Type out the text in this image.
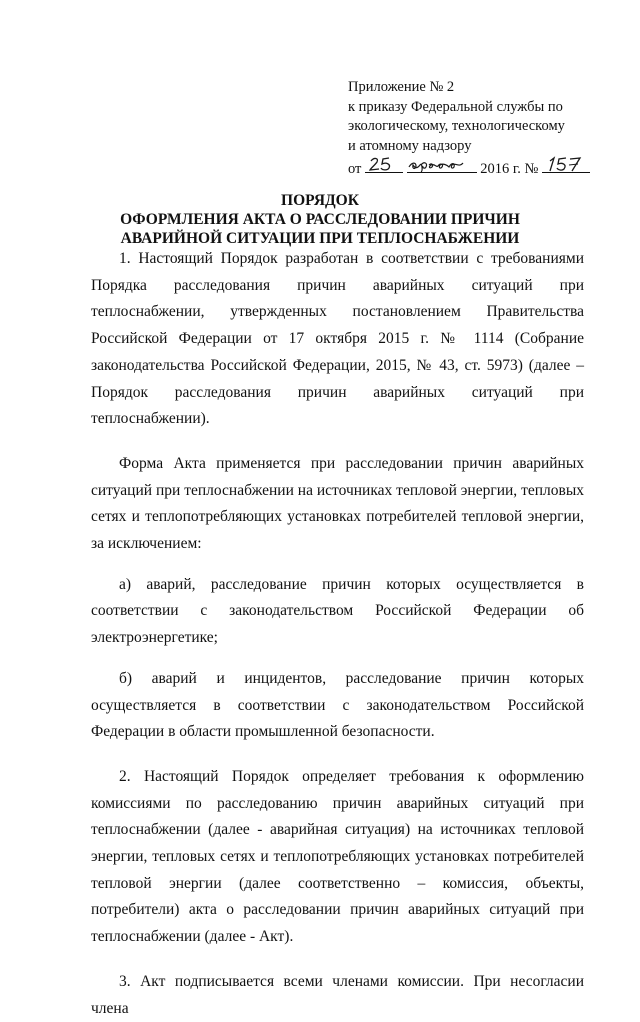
Приложение № 2
к приказу Федеральной службы по
экологическому, технологическому
и атомному надзору
от
	2016 г. №
ПОРЯДОК
ОФОРМЛЕНИЯ АКТА О РАССЛЕДОВАНИИ ПРИЧИН
АВАРИЙНОЙ СИТУАЦИИ ПРИ ТЕПЛОСНАБЖЕНИИ

1. Настоящий Порядок разработан в соответствии с требованиями Порядка расследования причин аварийных ситуаций при теплоснабжении, утвержденных постановлением Правительства Российской Федерации от 17 октября 2015 г. № 1114 (Собрание законодательства Российской Федерации, 2015, № 43, ст. 5973) (далее – Порядок расследования причин аварийных ситуаций при теплоснабжении).

Форма Акта применяется при расследовании причин аварийных ситуаций при теплоснабжении на источниках тепловой энергии, тепловых сетях и теплопотребляющих установках потребителей тепловой энергии, за исключением:

а) аварий, расследование причин которых осуществляется в соответствии с законодательством Российской Федерации об электроэнергетике;

б) аварий и инцидентов, расследование причин которых осуществляется в соответствии с законодательством Российской Федерации в области промышленной безопасности.

2. Настоящий Порядок определяет требования к оформлению комиссиями по расследованию причин аварийных ситуаций при теплоснабжении (далее - аварийная ситуация) на источниках тепловой энергии, тепловых сетях и теплопотребляющих установках потребителей тепловой энергии (далее соответственно – комиссия, объекты, потребители) акта о расследовании причин аварийных ситуаций при теплоснабжении (далее - Акт).

3. Акт подписывается всеми членами комиссии. При несогласии члена
